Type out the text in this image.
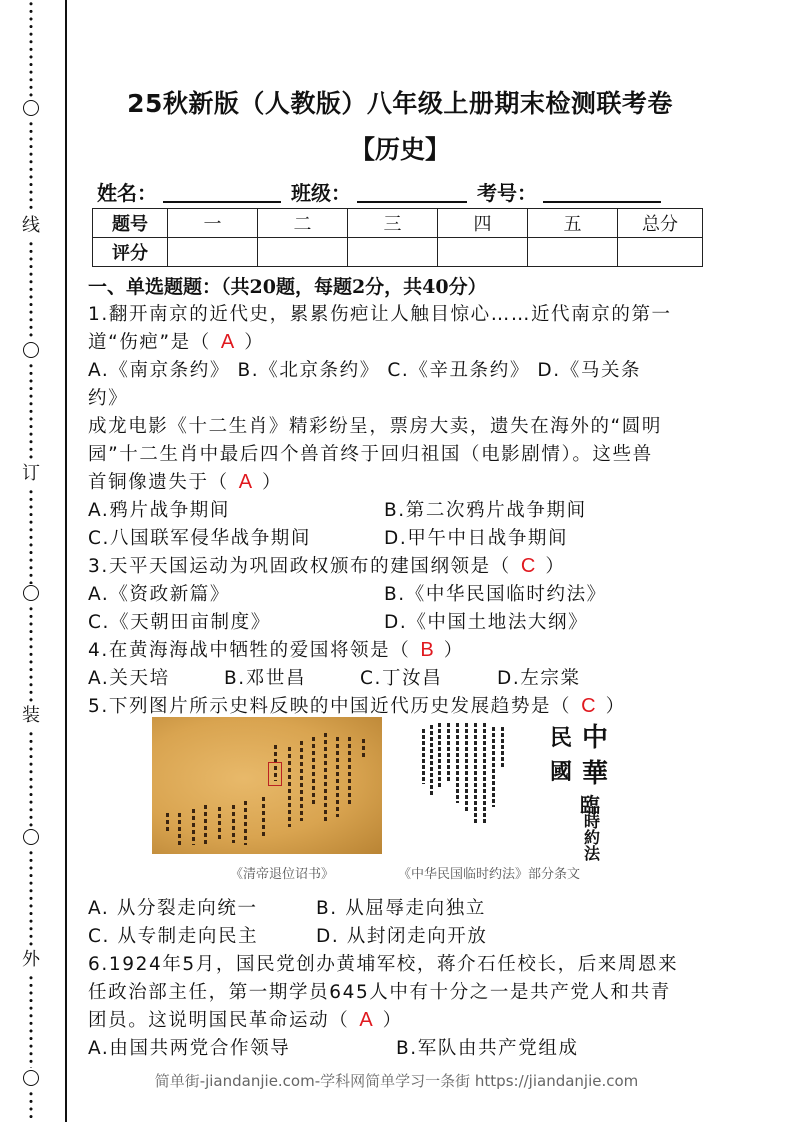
线
订
装
外
25秋新版（人教版）八年级上册期末检测联考卷
【历史】
姓名：	班级：	考号：
题号	一	二	三	四	五	总分
评分						
一、单选题题：（共20题，每题2分，共40分）
1.翻开南京的近代史，累累伤疤让人触目惊心……近代南京的第一
道“伤疤”是（ A ）
A.《南京条约》 B.《北京条约》 C.《辛丑条约》 D.《马关条
约》
成龙电影《十二生肖》精彩纷呈，票房大卖，遗失在海外的“圆明
园”十二生肖中最后四个兽首终于回归祖国（电影剧情）。这些兽
首铜像遗失于（ A ）
A.鸦片战争期间	B.第二次鸦片战争期间
C.八国联军侵华战争期间	D.甲午中日战争期间
3.天平天国运动为巩固政权颁布的建国纲领是（ C ）
A.《资政新篇》	B.《中华民国临时约法》
C.《天朝田亩制度》	D.《中国土地法大纲》
4.在黄海海战中牺牲的爱国将领是（ B ）
A.关天培	B.邓世昌	C.丁汝昌	D.左宗棠
5.下列图片所示史料反映的中国近代历史发展趋势是（ C ）
中
華
民
國
臨
時
約
法
《清帝退位诏书》	《中华民国临时约法》部分条文
A. 从分裂走向统一	B. 从屈辱走向独立
C. 从专制走向民主	D. 从封闭走向开放
6.1924年5月，国民党创办黄埔军校，蒋介石任校长，后来周恩来
任政治部主任，第一期学员645人中有十分之一是共产党人和共青
团员。这说明国民革命运动（ A ）
A.由国共两党合作领导	B.军队由共产党组成
简单街-jiandanjie.com-学科网简单学习一条街 https://jiandanjie.com
